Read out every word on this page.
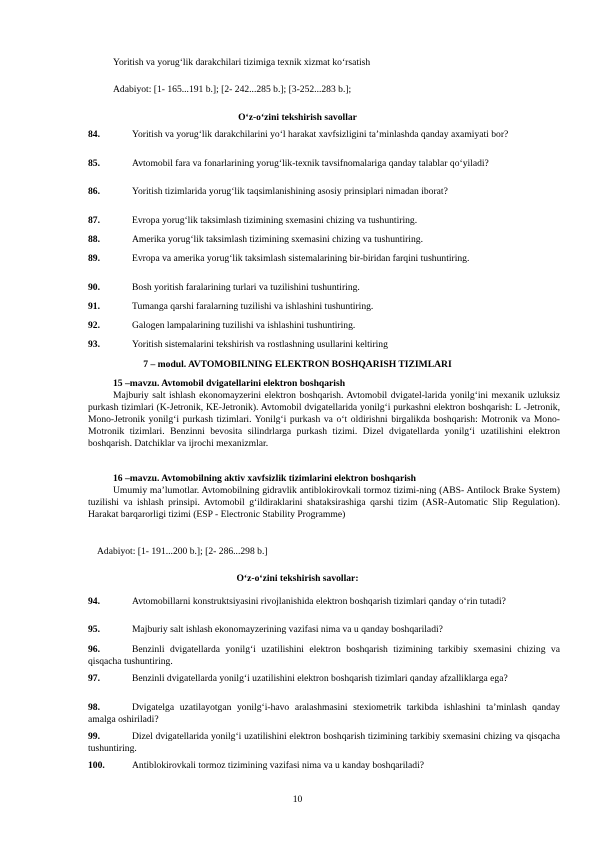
Yoritish va yorug‘lik darakchilari tizimiga texnik xizmat ko‘rsatish
Adabiyot: [1- 165...191 b.]; [2- 242...285 b.]; [3-252...283 b.];
O‘z-o‘zini tekshirish savollar
84.	Yoritish va yorug‘lik darakchilarini yo‘l harakat xavfsizligini ta’minlashda qanday axamiyati bor?
85.	Avtomobil fara va fonarlarining yorug‘lik-texnik tavsifnomalariga qanday talablar qo‘yiladi?
86.	Yoritish tizimlarida yorug‘lik taqsimlanishining asosiy prinsiplari nimadan iborat?
87.	Evropa yorug‘lik taksimlash tizimining sxemasini chizing va tushuntiring.
88.	Amerika yorug‘lik taksimlash tizimining sxemasini chizing va tushuntiring.
89.	Evropa va amerika yorug‘lik taksimlash sistemalarining bir-biridan farqini tushuntiring.
90.	Bosh yoritish faralarining turlari va tuzilishini tushuntiring.
91.	Tumanga qarshi faralarning tuzilishi va ishlashini tushuntiring.
92.	Galogen lampalarining tuzilishi va ishlashini tushuntiring.
93.	Yoritish sistemalarini tekshirish va rostlashning usullarini keltiring
7 – modul. AVTOMOBILNING ELEKTRON BOSHQARISH TIZIMLARI
15 –mavzu. Avtomobil dvigatellarini elektron boshqarish
Majburiy salt ishlash ekonomayzerini elektron boshqarish. Avtomobil dvigatel-larida yonilg‘ini mexanik uzluksiz purkash tizimlari (K-Jetronik, KE-Jetronik). Avtomobil dvigatellarida yonilg‘i purkashni elektron boshqarish: L -Jetronik, Mono-Jetronik yonilg‘i purkash tizimlari. Yonilg‘i purkash va o‘t oldirishni birgalikda boshqarish: Motronik va Mono-Motronik tizimlari. Benzinni bevosita silindrlarga purkash tizimi. Dizel dvigatellarda yonilg‘i uzatilishini elektron boshqarish. Datchiklar va ijrochi mexanizmlar.
16 –mavzu. Avtomobilning aktiv xavfsizlik tizimlarini elektron boshqarish
Umumiy ma’lumotlar. Avtomobilning gidravlik antiblokirovkali tormoz tizimi-ning (ABS- Antilock Brake System) tuzilishi va ishlash prinsipi. Avtomobil g‘ildiraklarini shataksirashiga qarshi tizim (ASR-Automatic Slip Regulation). Harakat barqarorligi tizimi (ESP - Electronic Stability Programme)
Adabiyot: [1- 191...200 b.]; [2- 286...298 b.]
O‘z-o‘zini tekshirish savollar:
94.	Avtomobillarni konstruktsiyasini rivojlanishida elektron boshqarish tizimlari qanday o‘rin tutadi?
95.	Majburiy salt ishlash ekonomayzerining vazifasi nima va u qanday boshqariladi?
96.	Benzinli dvigatellarda yonilg‘i uzatilishini elektron boshqarish tizimining tarkibiy sxemasini chizing va qisqacha tushuntiring.
97.	Benzinli dvigatellarda yonilg‘i uzatilishini elektron boshqarish tizimlari qanday afzalliklarga ega?
98.	Dvigatelga uzatilayotgan yonilg‘i-havo aralashmasini stexiometrik tarkibda ishlashini ta’minlash qanday amalga oshiriladi?
99.	Dizel dvigatellarida yonilg‘i uzatilishini elektron boshqarish tizimining tarkibiy sxemasini chizing va qisqacha tushuntiring.
100.	Antiblokirovkali tormoz tizimining vazifasi nima va u kanday boshqariladi?
10
